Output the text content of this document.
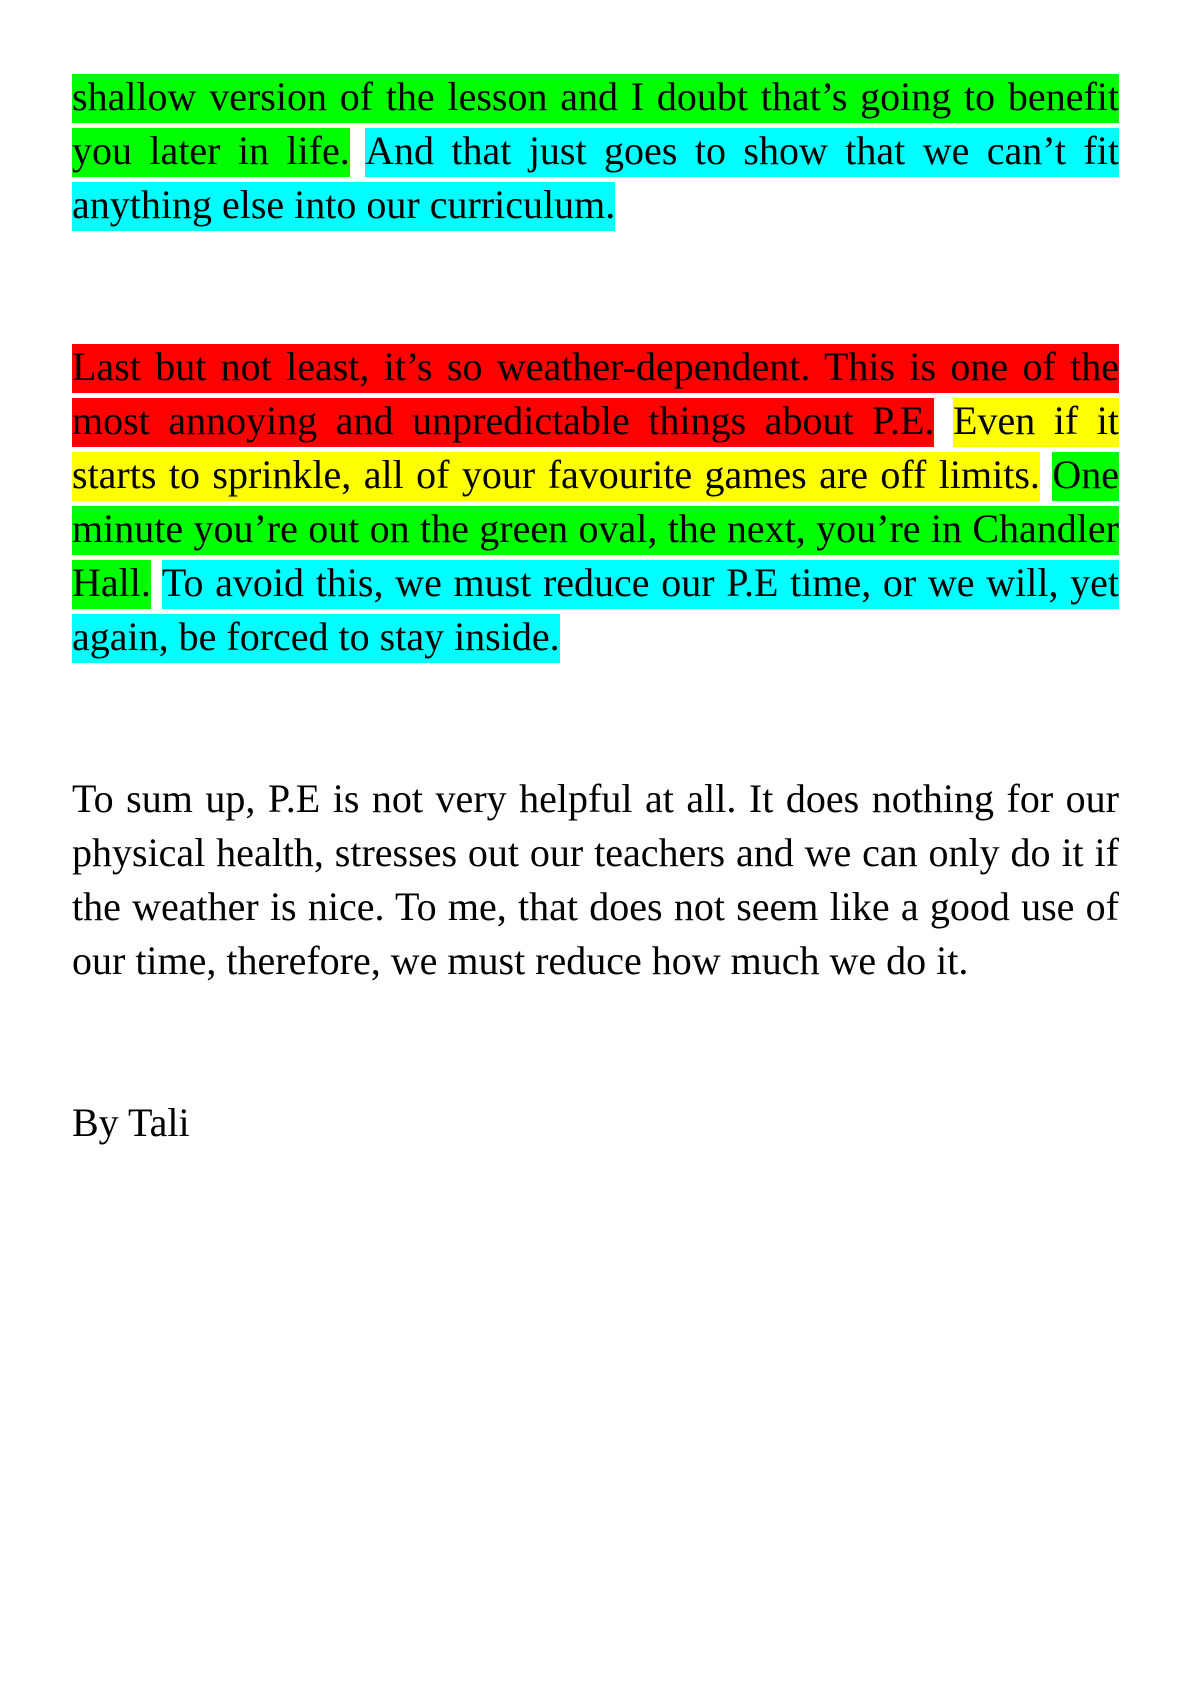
shallow version of the lesson and I doubt that’s going to benefit you later in life. And that just goes to show that we can’t fit anything else into our curriculum.

Last but not least, it’s so weather-dependent. This is one of the most annoying and unpredictable things about P.E. Even if it starts to sprinkle, all of your favourite games are off limits. One minute you’re out on the green oval, the next, you’re in Chandler Hall. To avoid this, we must reduce our P.E time, or we will, yet again, be forced to stay inside.

To sum up, P.E is not very helpful at all. It does nothing for our physical health, stresses out our teachers and we can only do it if the weather is nice. To me, that does not seem like a good use of our time, therefore, we must reduce how much we do it.

By Tali
